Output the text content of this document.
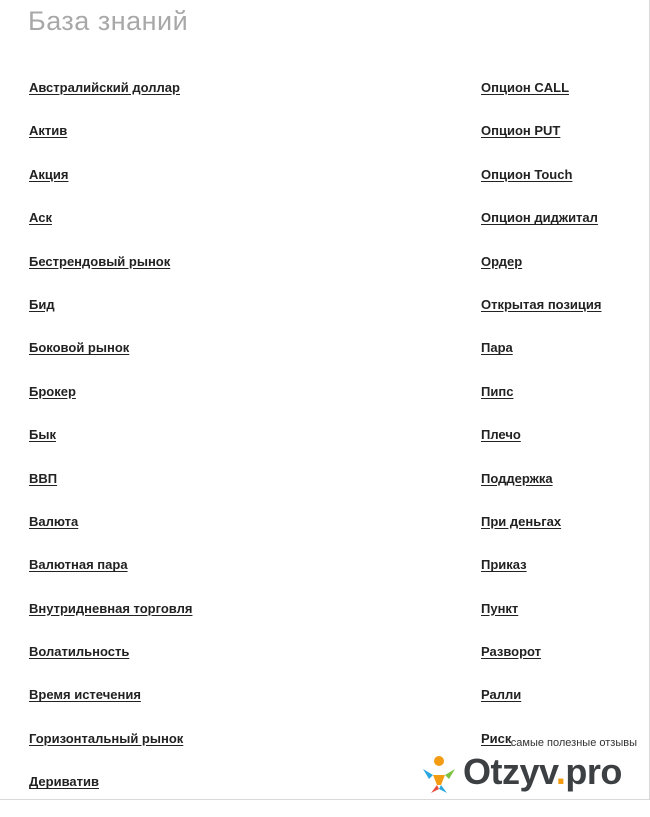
База знаний
Австралийский доллар
Актив
Акция
Аск
Бестрендовый рынок
Бид
Боковой рынок
Брокер
Бык
ВВП
Валюта
Валютная пара
Внутридневная торговля
Волатильность
Время истечения
Горизонтальный рынок
Дериватив
Опцион CALL
Опцион PUT
Опцион Touch
Опцион диджитал
Ордер
Открытая позиция
Пара
Пипс
Плечо
Поддержка
При деньгах
Приказ
Пункт
Разворот
Ралли
Риск самые полезные отзывы
Otzyv.pro
